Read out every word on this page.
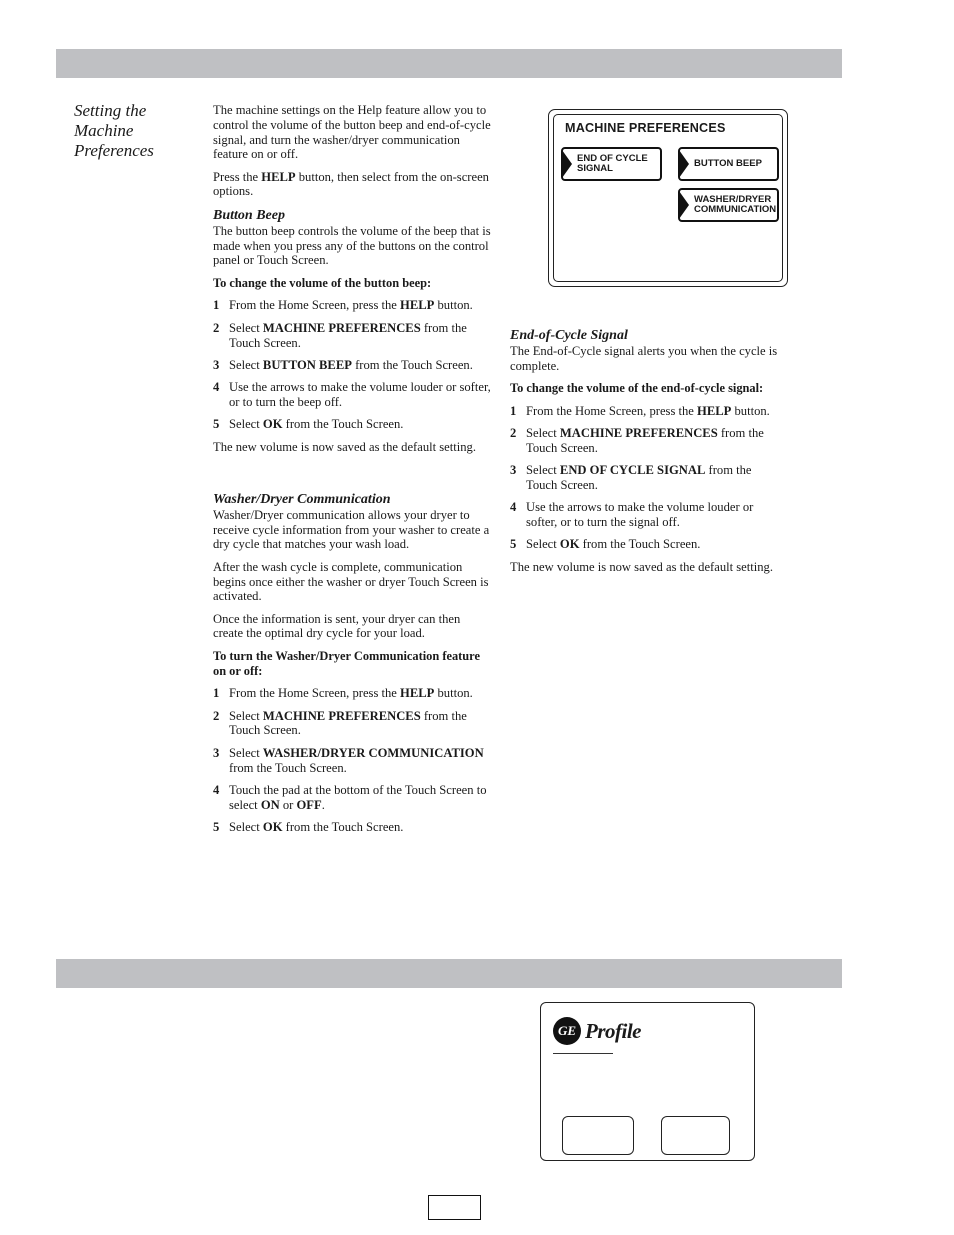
Setting the Machine Preferences

The machine settings on the Help feature allow you to control the volume of the button beep and end-of-cycle signal, and turn the washer/dryer communication feature on or off.

Press the HELP button, then select from the on-screen options.

Button Beep

The button beep controls the volume of the beep that is made when you press any of the buttons on the control panel or Touch Screen.

To change the volume of the button beep:

1 From the Home Screen, press the HELP button.
2 Select MACHINE PREFERENCES from the Touch Screen.
3 Select BUTTON BEEP from the Touch Screen.
4 Use the arrows to make the volume louder or softer, or to turn the beep off.
5 Select OK from the Touch Screen.

The new volume is now saved as the default setting.

Washer/Dryer Communication

Washer/Dryer communication allows your dryer to receive cycle information from your washer to create a dry cycle that matches your wash load.

After the wash cycle is complete, communication begins once either the washer or dryer Touch Screen is activated.

Once the information is sent, your dryer can then create the optimal dry cycle for your load.

To turn the Washer/Dryer Communication feature on or off:

1 From the Home Screen, press the HELP button.
2 Select MACHINE PREFERENCES from the Touch Screen.
3 Select WASHER/DRYER COMMUNICATION from the Touch Screen.
4 Touch the pad at the bottom of the Touch Screen to select ON or OFF.
5 Select OK from the Touch Screen.
MACHINE PREFERENCES
END OF CYCLE
SIGNAL	BUTTON BEEP
WASHER/DRYER
COMMUNICATION
End-of-Cycle Signal

The End-of-Cycle signal alerts you when the cycle is complete.

To change the volume of the end-of-cycle signal:

1 From the Home Screen, press the HELP button.
2 Select MACHINE PREFERENCES from the Touch Screen.
3 Select END OF CYCLE SIGNAL from the Touch Screen.
4 Use the arrows to make the volume louder or softer, or to turn the signal off.
5 Select OK from the Touch Screen.

The new volume is now saved as the default setting.

GE Profile
